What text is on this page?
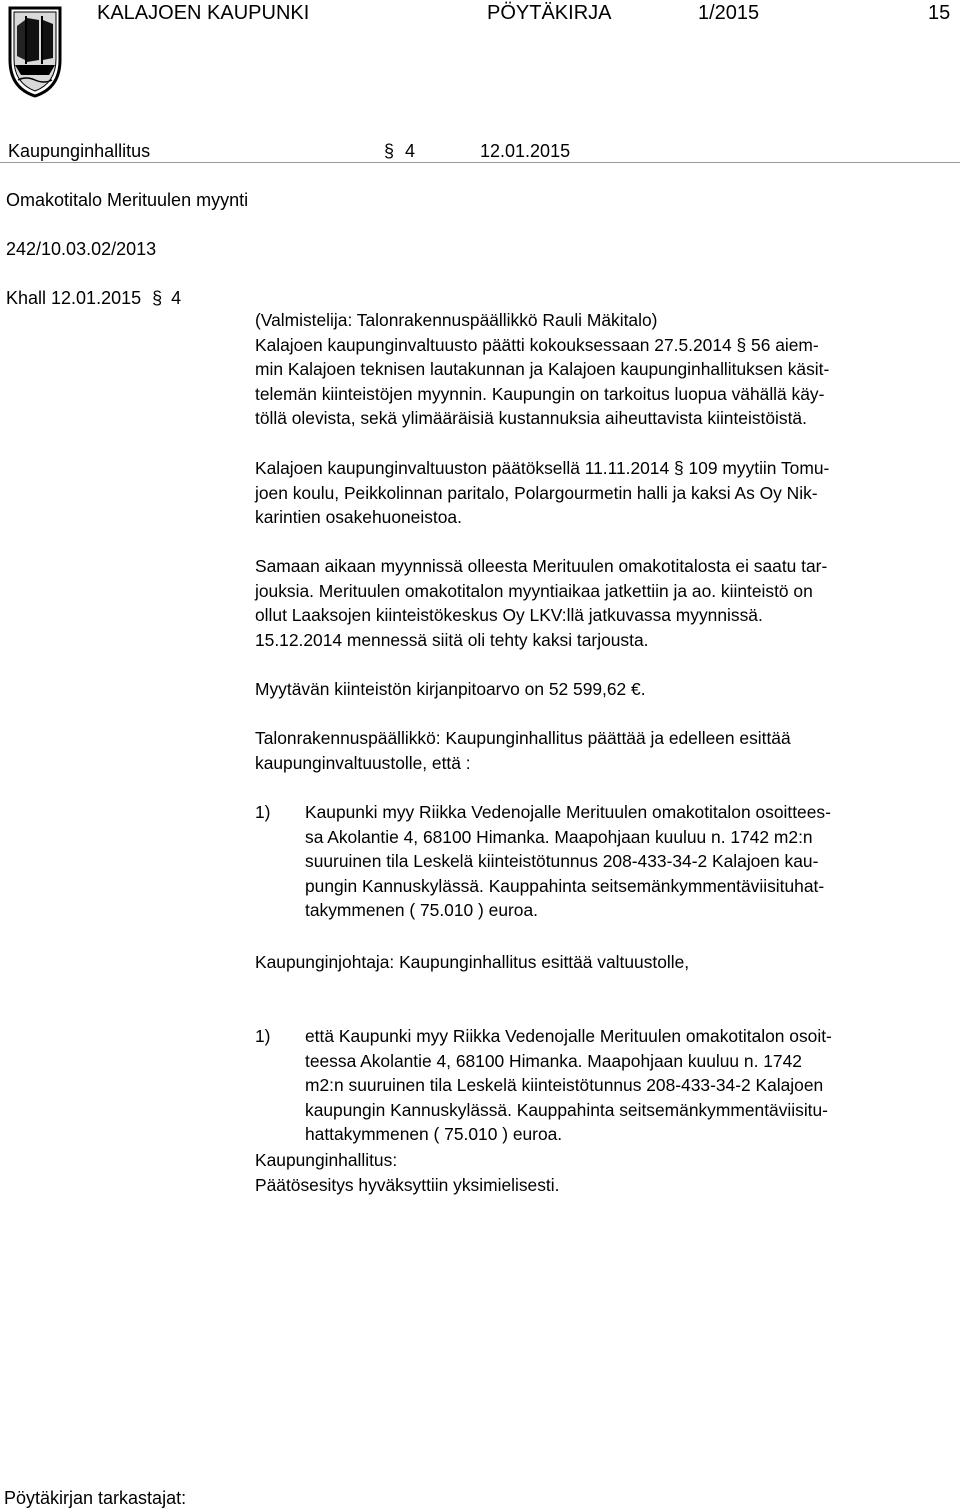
KALAJOEN KAUPUNKI	PÖYTÄKIRJA	1/2015	15
Kaupunginhallitus	§ 4	12.01.2015
Omakotitalo Merituulen myynti
242/10.03.02/2013
Khall 12.01.2015 § 4

(Valmistelija: Talonrakennuspäällikkö Rauli Mäkitalo)

Kalajoen kaupunginvaltuusto päätti kokouksessaan 27.5.2014 § 56 aiem-

min Kalajoen teknisen lautakunnan ja Kalajoen kaupunginhallituksen käsit-

telemän kiinteistöjen myynnin. Kaupungin on tarkoitus luopua vähällä käy-

töllä olevista, sekä ylimääräisiä kustannuksia aiheuttavista kiinteistöistä.

Kalajoen kaupunginvaltuuston päätöksellä 11.11.2014 § 109 myytiin Tomu-

joen koulu, Peikkolinnan paritalo, Polargourmetin halli ja kaksi As Oy Nik-

karintien osakehuoneistoa.

Samaan aikaan myynnissä olleesta Merituulen omakotitalosta ei saatu tar-

jouksia. Merituulen omakotitalon myyntiaikaa jatkettiin ja ao. kiinteistö on

ollut Laaksojen kiinteistökeskus Oy LKV:llä jatkuvassa myynnissä.

15.12.2014 mennessä siitä oli tehty kaksi tarjousta.

Myytävän kiinteistön kirjanpitoarvo on 52 599,62 €.

Talonrakennuspäällikkö: Kaupunginhallitus päättää ja edelleen esittää

kaupunginvaltuustolle, että :

1) Kaupunki myy Riikka Vedenojalle Merituulen omakotitalon osoittees-

sa Akolantie 4, 68100 Himanka. Maapohjaan kuuluu n. 1742 m2:n

suuruinen tila Leskelä kiinteistötunnus 208-433-34-2 Kalajoen kau-

pungin Kannuskylässä. Kauppahinta seitsemänkymmentäviisituhat-

takymmenen ( 75.010 ) euroa.

Kaupunginjohtaja: Kaupunginhallitus esittää valtuustolle,

1) että Kaupunki myy Riikka Vedenojalle Merituulen omakotitalon osoit-

teessa Akolantie 4, 68100 Himanka. Maapohjaan kuuluu n. 1742

m2:n suuruinen tila Leskelä kiinteistötunnus 208-433-34-2 Kalajoen

kaupungin Kannuskylässä. Kauppahinta seitsemänkymmentäviisitu-

hattakymmenen ( 75.010 ) euroa.

Kaupunginhallitus:

Päätösesitys hyväksyttiin yksimielisesti.

Pöytäkirjan tarkastajat:
